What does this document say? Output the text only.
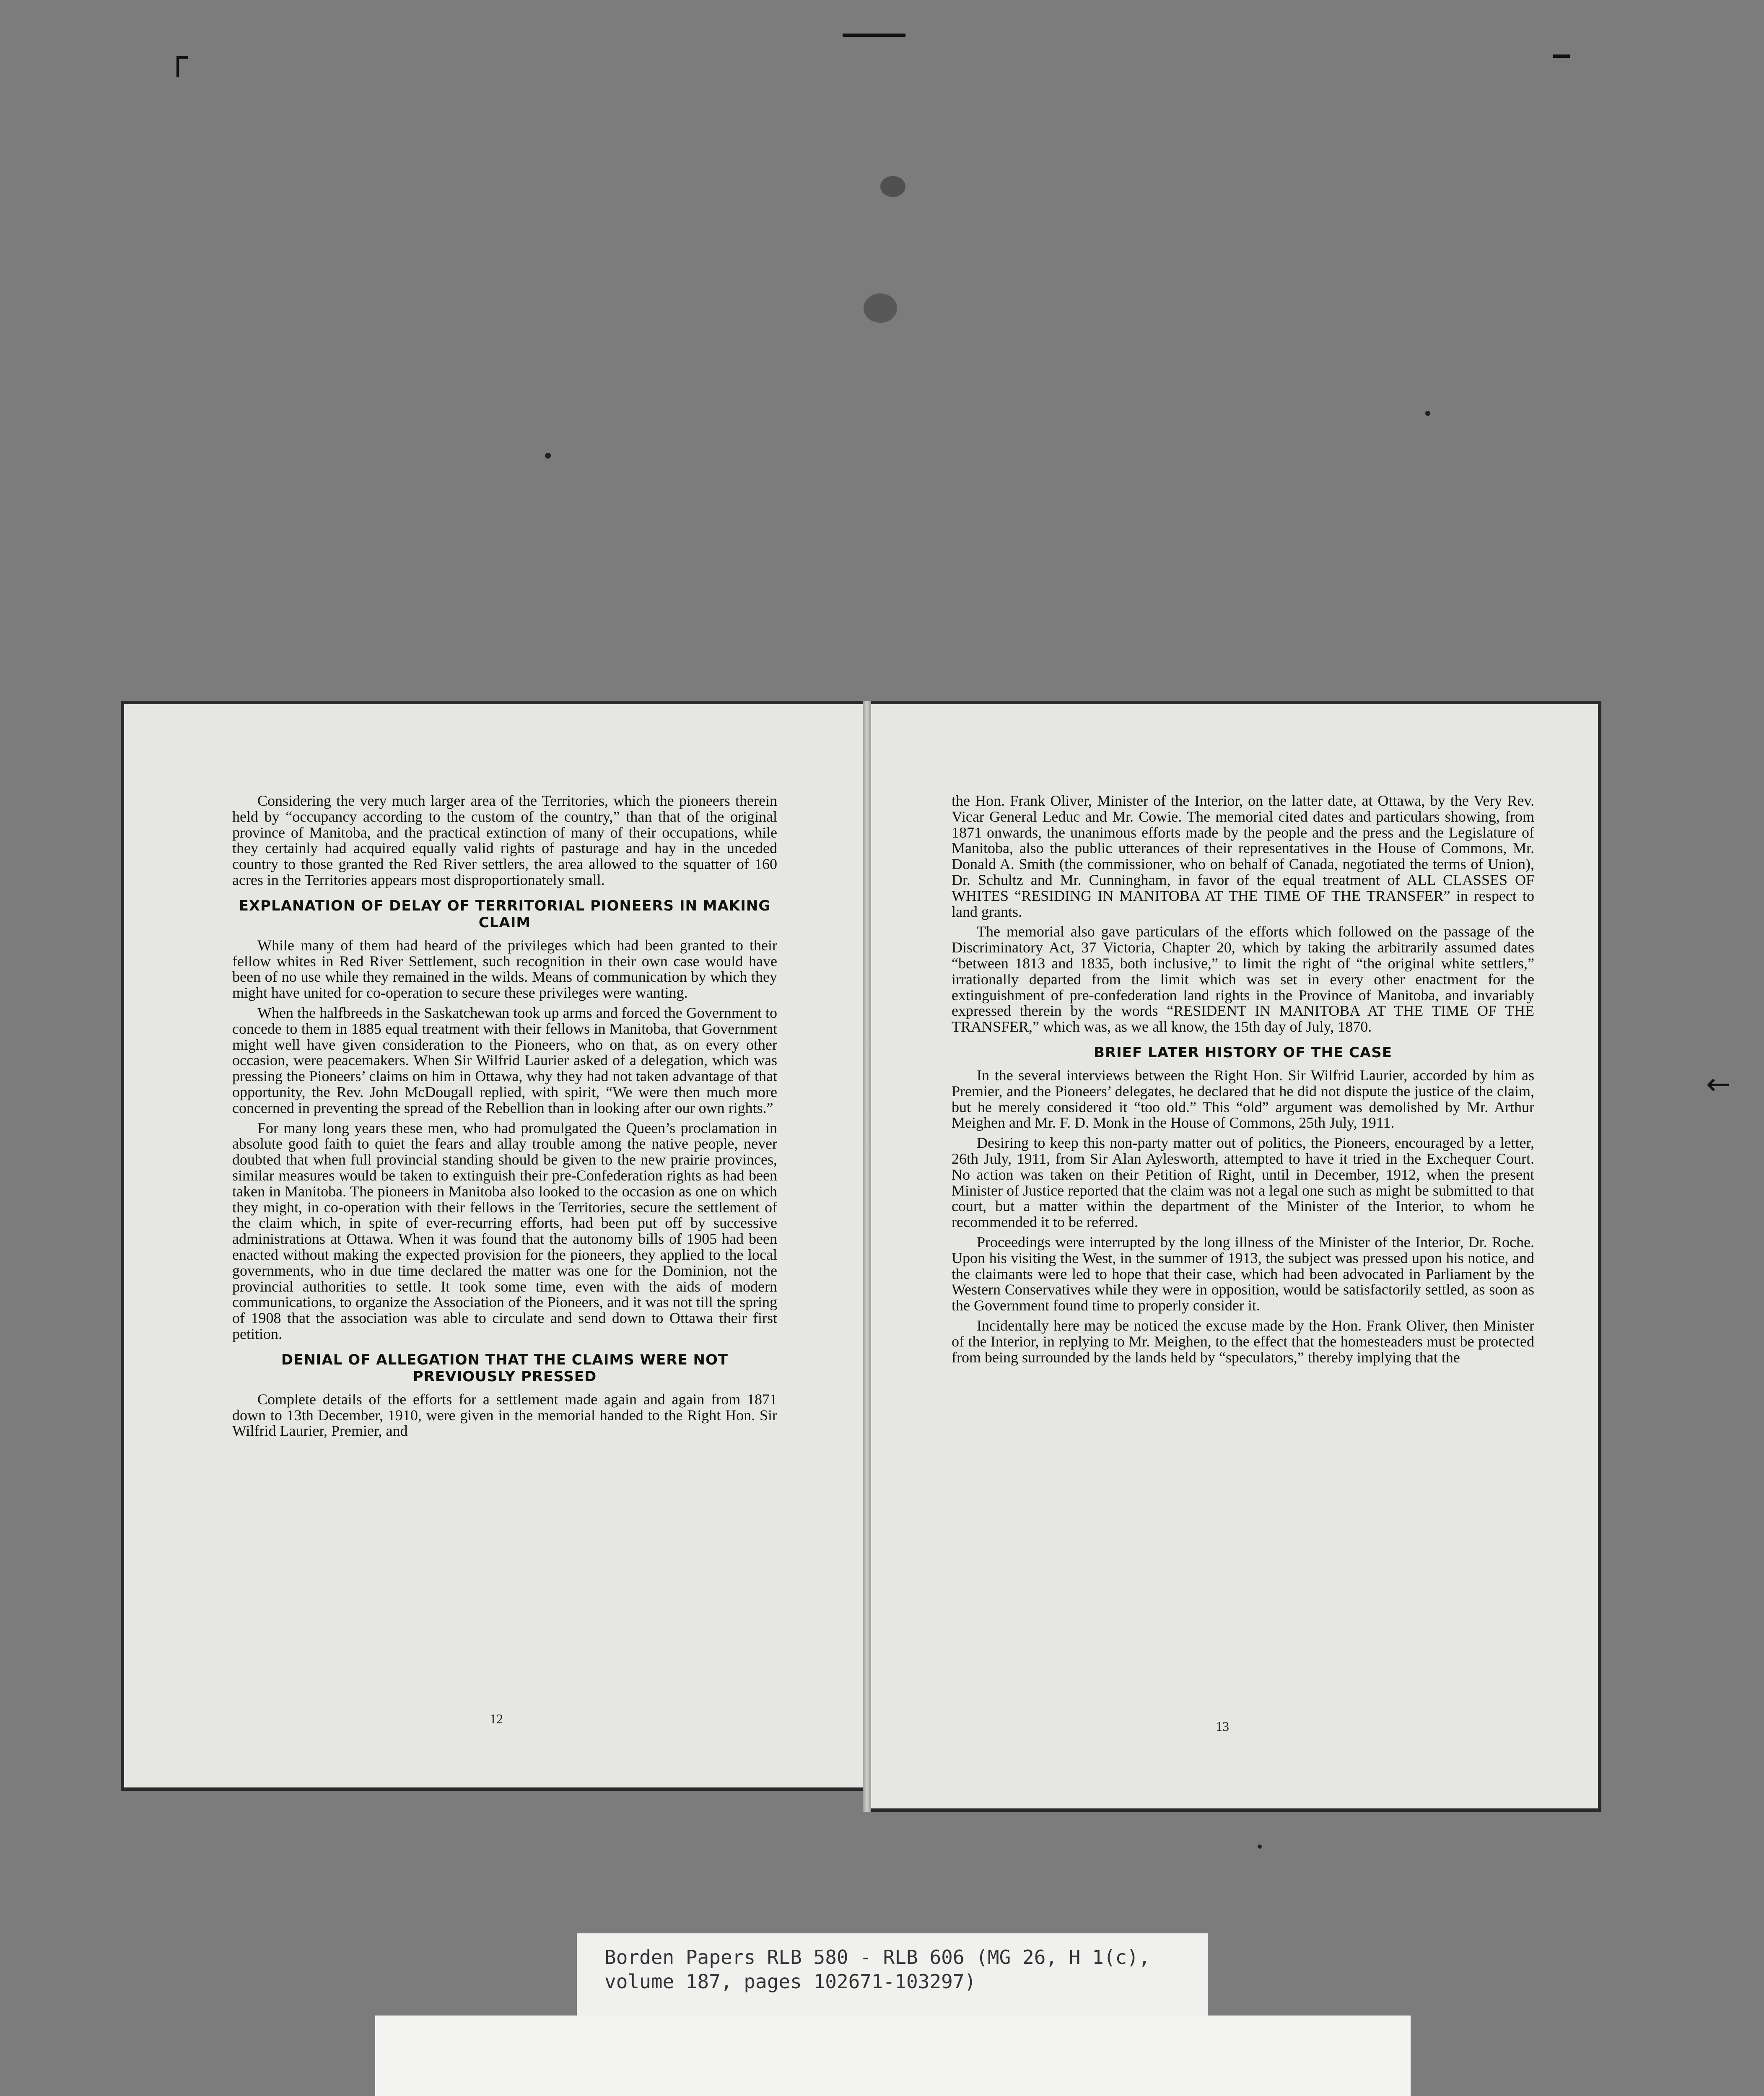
┌
←

Considering the very much larger area of the Territories, which the pioneers therein held by “occupancy according to the custom of the country,” than that of the original province of Manitoba, and the practical extinction of many of their occupations, while they certainly had acquired equally valid rights of pasturage and hay in the unceded country to those granted the Red River settlers, the area allowed to the squatter of 160 acres in the Territories appears most disproportionately small.

EXPLANATION OF DELAY OF TERRITORIAL PIONEERS IN MAKING CLAIM

While many of them had heard of the privileges which had been granted to their fellow whites in Red River Settlement, such recognition in their own case would have been of no use while they remained in the wilds. Means of communication by which they might have united for co-operation to secure these privileges were wanting.

When the halfbreeds in the Saskatchewan took up arms and forced the Government to concede to them in 1885 equal treatment with their fellows in Manitoba, that Government might well have given consideration to the Pioneers, who on that, as on every other occasion, were peacemakers. When Sir Wilfrid Laurier asked of a delegation, which was pressing the Pioneers’ claims on him in Ottawa, why they had not taken advantage of that opportunity, the Rev. John McDougall replied, with spirit, “We were then much more concerned in preventing the spread of the Rebellion than in looking after our own rights.”

For many long years these men, who had promulgated the Queen’s proclamation in absolute good faith to quiet the fears and allay trouble among the native people, never doubted that when full provincial standing should be given to the new prairie provinces, similar measures would be taken to extinguish their pre-Confederation rights as had been taken in Manitoba. The pioneers in Manitoba also looked to the occasion as one on which they might, in co-operation with their fellows in the Territories, secure the settlement of the claim which, in spite of ever-recurring efforts, had been put off by successive administrations at Ottawa. When it was found that the autonomy bills of 1905 had been enacted without making the expected provision for the pioneers, they applied to the local governments, who in due time declared the matter was one for the Dominion, not the provincial authorities to settle. It took some time, even with the aids of modern communications, to organize the Association of the Pioneers, and it was not till the spring of 1908 that the association was able to circulate and send down to Ottawa their first petition.

DENIAL OF ALLEGATION THAT THE CLAIMS WERE NOT PREVIOUSLY PRESSED

Complete details of the efforts for a settlement made again and again from 1871 down to 13th December, 1910, were given in the memorial handed to the Right Hon. Sir Wilfrid Laurier, Premier, and

12

the Hon. Frank Oliver, Minister of the Interior, on the latter date, at Ottawa, by the Very Rev. Vicar General Leduc and Mr. Cowie. The memorial cited dates and particulars showing, from 1871 onwards, the unanimous efforts made by the people and the press and the Legislature of Manitoba, also the public utterances of their representatives in the House of Commons, Mr. Donald A. Smith (the commissioner, who on behalf of Canada, negotiated the terms of Union), Dr. Schultz and Mr. Cunningham, in favor of the equal treatment of ALL CLASSES OF WHITES “RESIDING IN MANITOBA AT THE TIME OF THE TRANSFER” in respect to land grants.

The memorial also gave particulars of the efforts which followed on the passage of the Discriminatory Act, 37 Victoria, Chapter 20, which by taking the arbitrarily assumed dates “between 1813 and 1835, both inclusive,” to limit the right of “the original white settlers,” irrationally departed from the limit which was set in every other enactment for the extinguishment of pre-confederation land rights in the Province of Manitoba, and invariably expressed therein by the words “RESIDENT IN MANITOBA AT THE TIME OF THE TRANSFER,” which was, as we all know, the 15th day of July, 1870.

BRIEF LATER HISTORY OF THE CASE

In the several interviews between the Right Hon. Sir Wilfrid Laurier, accorded by him as Premier, and the Pioneers’ delegates, he declared that he did not dispute the justice of the claim, but he merely considered it “too old.” This “old” argument was demolished by Mr. Arthur Meighen and Mr. F. D. Monk in the House of Commons, 25th July, 1911.

Desiring to keep this non-party matter out of politics, the Pioneers, encouraged by a letter, 26th July, 1911, from Sir Alan Aylesworth, attempted to have it tried in the Exchequer Court. No action was taken on their Petition of Right, until in December, 1912, when the present Minister of Justice reported that the claim was not a legal one such as might be submitted to that court, but a matter within the department of the Minister of the Interior, to whom he recommended it to be referred.

Proceedings were interrupted by the long illness of the Minister of the Interior, Dr. Roche. Upon his visiting the West, in the summer of 1913, the subject was pressed upon his notice, and the claimants were led to hope that their case, which had been advocated in Parliament by the Western Conservatives while they were in opposition, would be satisfactorily settled, as soon as the Government found time to properly consider it.

Incidentally here may be noticed the excuse made by the Hon. Frank Oliver, then Minister of the Interior, in replying to Mr. Meighen, to the effect that the homesteaders must be protected from being surrounded by the lands held by “speculators,” thereby implying that the

13
Borden Papers RLB 580 - RLB 606 (MG 26, H 1(c),
volume 187, pages 102671-103297)
